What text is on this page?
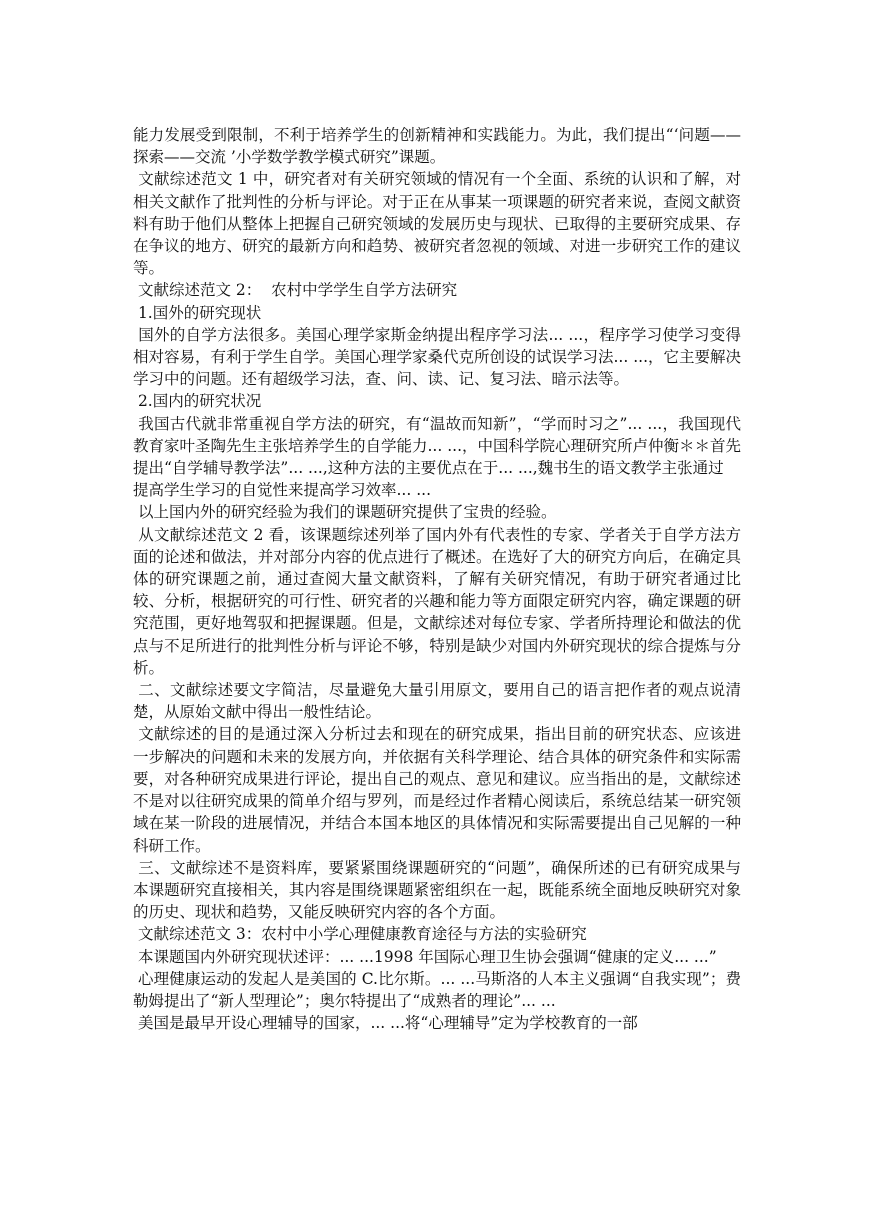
能力发展受到限制，不利于培养学生的创新精神和实践能力。为此，我们提出“‘问题——探索——交流 ’小学数学教学模式研究”课题。

文献综述范文 1 中，研究者对有关研究领域的情况有一个全面、系统的认识和了解，对相关文献作了批判性的分析与评论。对于正在从事某一项课题的研究者来说，查阅文献资料有助于他们从整体上把握自己研究领域的发展历史与现状、已取得的主要研究成果、存在争议的地方、研究的最新方向和趋势、被研究者忽视的领域、对进一步研究工作的建议等。

文献综述范文 2：  农村中学学生自学方法研究

1.国外的研究现状

国外的自学方法很多。美国心理学家斯金纳提出程序学习法... ...，程序学习使学习变得相对容易，有利于学生自学。美国心理学家桑代克所创设的试误学习法... ...，它主要解决学习中的问题。还有超级学习法，查、问、读、记、复习法、暗示法等。

2.国内的研究状况

我国古代就非常重视自学方法的研究，有“温故而知新”，“学而时习之”... ...，我国现代教育家叶圣陶先生主张培养学生的自学能力... ...，中国科学院心理研究所卢仲衡＊＊首先提出“自学辅导教学法”... ...,这种方法的主要优点在于... ...,魏书生的语文教学主张通过

提高学生学习的自觉性来提高学习效率... ...

以上国内外的研究经验为我们的课题研究提供了宝贵的经验。

从文献综述范文 2 看，该课题综述列举了国内外有代表性的专家、学者关于自学方法方面的论述和做法，并对部分内容的优点进行了概述。在选好了大的研究方向后，在确定具体的研究课题之前，通过查阅大量文献资料，了解有关研究情况，有助于研究者通过比较、分析，根据研究的可行性、研究者的兴趣和能力等方面限定研究内容，确定课题的研究范围，更好地驾驭和把握课题。但是，文献综述对每位专家、学者所持理论和做法的优点与不足所进行的批判性分析与评论不够，特别是缺少对国内外研究现状的综合提炼与分析。

二、文献综述要文字简洁，尽量避免大量引用原文，要用自己的语言把作者的观点说清楚，从原始文献中得出一般性结论。

文献综述的目的是通过深入分析过去和现在的研究成果，指出目前的研究状态、应该进一步解决的问题和未来的发展方向，并依据有关科学理论、结合具体的研究条件和实际需要，对各种研究成果进行评论，提出自己的观点、意见和建议。应当指出的是，文献综述不是对以往研究成果的简单介绍与罗列，而是经过作者精心阅读后，系统总结某一研究领域在某一阶段的进展情况，并结合本国本地区的具体情况和实际需要提出自己见解的一种科研工作。

三、文献综述不是资料库，要紧紧围绕课题研究的“问题”，确保所述的已有研究成果与本课题研究直接相关，其内容是围绕课题紧密组织在一起，既能系统全面地反映研究对象的历史、现状和趋势，又能反映研究内容的各个方面。

文献综述范文 3：农村中小学心理健康教育途径与方法的实验研究

本课题国内外研究现状述评：... ...1998 年国际心理卫生协会强调“健康的定义... ...”

心理健康运动的发起人是美国的 C.比尔斯。... ...马斯洛的人本主义强调“自我实现”；费勒姆提出了“新人型理论”；奥尔特提出了“成熟者的理论”... ...

美国是最早开设心理辅导的国家，... ...将“心理辅导”定为学校教育的一部
